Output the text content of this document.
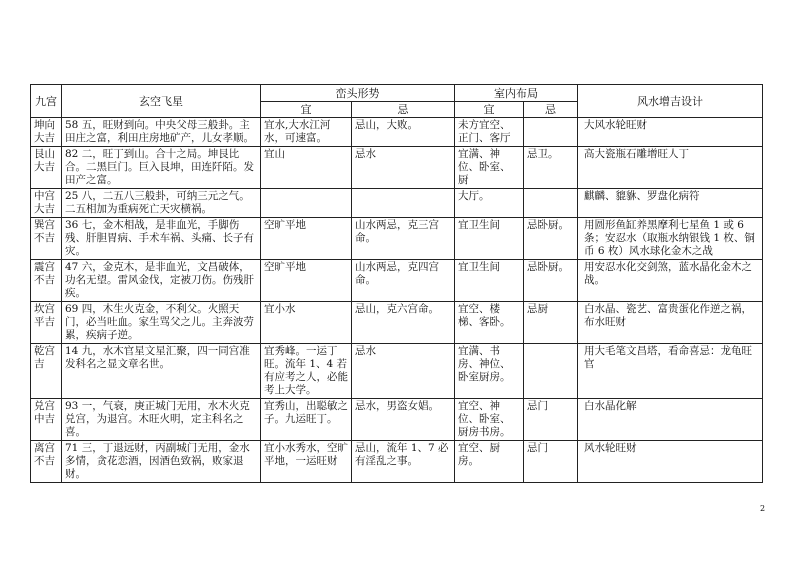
九宫	玄空飞星	峦头形势		室内布局		风水增吉设计
		宜	忌	宜	忌	
坤向大吉	58 五，旺财到向。中央父母三般卦。主田庄之富，利田庄房地矿产，儿女孝顺。	宜水,大水江河水，可速富。	忌山，大败。	未方宜空、正门、客厅		大风水轮旺财
艮山大吉	82 二，旺丁到山。合十之局。坤艮比合。二黑巨门。巨入艮坤，田连阡陌。发田产之富。	宜山	忌水	宜满、神位、卧室、厨	忌卫。	高大瓷瓶石雕增旺人丁
中宫大吉	25 八，二五八三般卦，可纳三元之气。二五相加为重病死亡天灾横祸。			大厅。		麒麟、貔貅、罗盘化病符
巽宫不吉	36 七，金木相战，是非血光，手脚伤残、肝胆胃病、手术车祸、头痛、长子有灾。	空旷平地	山水两忌，克三宫命。	宜卫生间	忌卧厨。	用圆形鱼缸养黑摩利七星鱼 1 或 6 条；安忍水（取瓶水纳银钱 1 枚、铜币 6 枚）风水球化金木之战
震宫不吉	47 六，金克木，是非血光，文昌破体，功名无望。雷风金伐，定被刀伤。伤残肝疾。	空旷平地	山水两忌，克四宫命。	宜卫生间	忌卧厨。	用安忍水化交剑煞，蓝水晶化金木之战。
坎宫平吉	69 四，木生火克金，不利父。火照天门，必当吐血。家生骂父之儿。主奔波劳累，疾病子逆。	宜小水	忌山，克六宫命。	宜空、楼梯、客卧。	忌厨	白水晶、瓷艺、富贵蛋化作逆之祸，布水旺财
乾宫吉	14 九，水木官星文星汇聚，四一同宫准发科名之显文章名世。	宜秀峰。一运丁旺。流年 1、4 若有应考之人，必能考上大学。	忌水	宜满、书房、神位、卧室厨房。		用大毛笔文昌塔，看命喜忌：龙龟旺官
兑宫中吉	93 一，气衰，庚正城门无用，水木火克兑宫，为退宫。木旺火明，定主科名之喜。	宜秀山，出聪敏之子。九运旺丁。	忌水，男盗女娼。	宜空、神位、卧室、厨房书房。	忌门	白水晶化解
离宫不吉	71 三，丁退远财，丙副城门无用，金水多情，贪花恋酒，因酒色致祸，败家退财。	宜小水秀水，空旷平地，一运旺财	忌山，流年 1、7 必有淫乱之事。	宜空、厨房。	忌门	风水轮旺财
2
